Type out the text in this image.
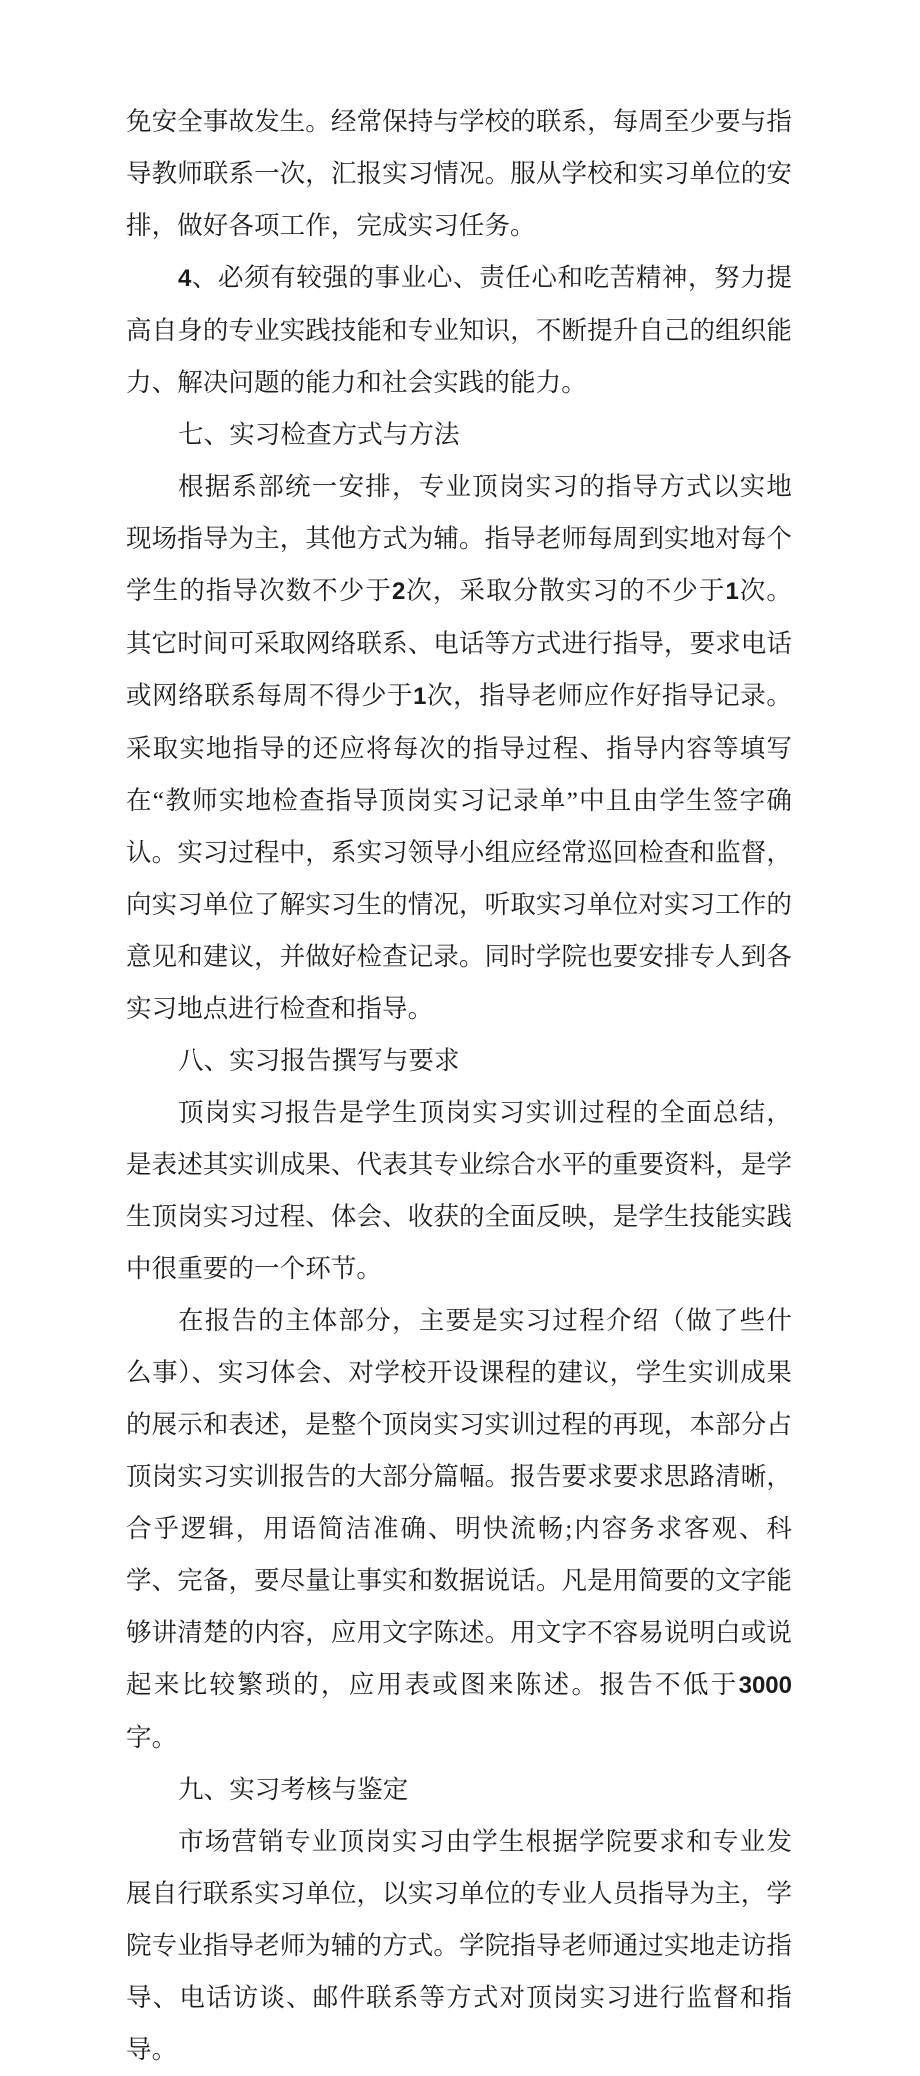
免安全事故发生。经常保持与学校的联系，每周至少要与指导教师联系一次，汇报实习情况。服从学校和实习单位的安排，做好各项工作，完成实习任务。

4、必须有较强的事业心、责任心和吃苦精神，努力提高自身的专业实践技能和专业知识，不断提升自己的组织能力、解决问题的能力和社会实践的能力。

七、实习检查方式与方法

根据系部统一安排，专业顶岗实习的指导方式以实地现场指导为主，其他方式为辅。指导老师每周到实地对每个学生的指导次数不少于2次，采取分散实习的不少于1次。其它时间可采取网络联系、电话等方式进行指导，要求电话或网络联系每周不得少于1次，指导老师应作好指导记录。采取实地指导的还应将每次的指导过程、指导内容等填写在“教师实地检查指导顶岗实习记录单”中且由学生签字确认。实习过程中，系实习领导小组应经常巡回检查和监督，向实习单位了解实习生的情况，听取实习单位对实习工作的意见和建议，并做好检查记录。同时学院也要安排专人到各实习地点进行检查和指导。

八、实习报告撰写与要求

顶岗实习报告是学生顶岗实习实训过程的全面总结，是表述其实训成果、代表其专业综合水平的重要资料，是学生顶岗实习过程、体会、收获的全面反映，是学生技能实践中很重要的一个环节。

在报告的主体部分，主要是实习过程介绍（做了些什么事）、实习体会、对学校开设课程的建议，学生实训成果的展示和表述，是整个顶岗实习实训过程的再现，本部分占顶岗实习实训报告的大部分篇幅。报告要求要求思路清晰，合乎逻辑，用语简洁准确、明快流畅;内容务求客观、科学、完备，要尽量让事实和数据说话。凡是用简要的文字能够讲清楚的内容，应用文字陈述。用文字不容易说明白或说起来比较繁琐的，应用表或图来陈述。报告不低于3000字。

九、实习考核与鉴定

市场营销专业顶岗实习由学生根据学院要求和专业发展自行联系实习单位，以实习单位的专业人员指导为主，学院专业指导老师为辅的方式。学院指导老师通过实地走访指导、电话访谈、邮件联系等方式对顶岗实习进行监督和指导。
